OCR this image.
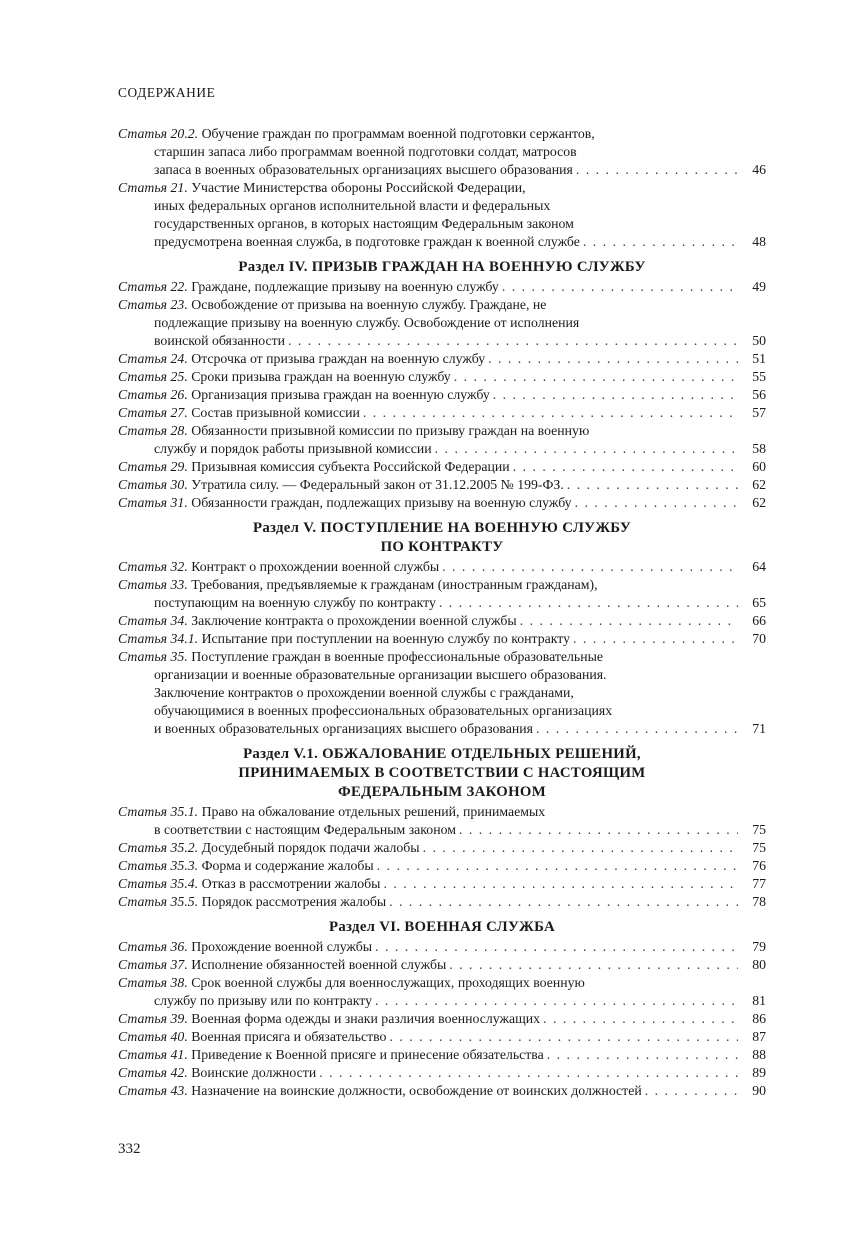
СОДЕРЖАНИЕ
Статья 20.2.
Обучение граждан по программам военной подготовки сержантов,
старшин запаса либо программам военной подготовки солдат, матросов
запаса в военных образовательных организациях высшего образования . . .	46
Статья 21.
Участие Министерства обороны Российской Федерации,
иных федеральных органов исполнительной власти и федеральных
государственных органов, в которых настоящим Федеральным законом
предусмотрена военная служба, в подготовке граждан к военной службе . . .	48
Раздел IV. ПРИЗЫВ ГРАЖДАН НА ВОЕННУЮ СЛУЖБУ
Статья 22.
Граждане, подлежащие призыву на военную службу . . .	49
Статья 23.
Освобождение от призыва на военную службу. Граждане, не
подлежащие призыву на военную службу. Освобождение от исполнения
воинской обязанности . . .	50
Статья 24.
Отсрочка от призыва граждан на военную службу . . .	51
Статья 25.
Сроки призыва граждан на военную службу . . .	55
Статья 26.
Организация призыва граждан на военную службу . . .	56
Статья 27.
Состав призывной комиссии . . .	57
Статья 28.
Обязанности призывной комиссии по призыву граждан на военную
службу и порядок работы призывной комиссии . . .	58
Статья 29.
Призывная комиссия субъекта Российской Федерации . . .	60
Статья 30.
Утратила силу. — Федеральный закон от 31.12.2005 № 199-ФЗ. . . .	62
Статья 31.
Обязанности граждан, подлежащих призыву на военную службу . . .	62
Раздел V. ПОСТУПЛЕНИЕ НА ВОЕННУЮ СЛУЖБУ
ПО КОНТРАКТУ
Статья 32.
Контракт о прохождении военной службы . . .	64
Статья 33.
Требования, предъявляемые к гражданам (иностранным гражданам),
поступающим на военную службу по контракту . . .	65
Статья 34.
Заключение контракта о прохождении военной службы . . .	66
Статья 34.1.
Испытание при поступлении на военную службу по контракту . . .	70
Статья 35.
Поступление граждан в военные профессиональные образовательные
организации и военные образовательные организации высшего образования.
Заключение контрактов о прохождении военной службы с гражданами,
обучающимися в военных профессиональных образовательных организациях
и военных образовательных организациях высшего образования . . .	71
Раздел V.1. ОБЖАЛОВАНИЕ ОТДЕЛЬНЫХ РЕШЕНИЙ,
ПРИНИМАЕМЫХ В СООТВЕТСТВИИ С НАСТОЯЩИМ
ФЕДЕРАЛЬНЫМ ЗАКОНОМ
Статья 35.1.
Право на обжалование отдельных решений, принимаемых
в соответствии с настоящим Федеральным законом . . .	75
Статья 35.2.
Досудебный порядок подачи жалобы . . .	75
Статья 35.3.
Форма и содержание жалобы . . .	76
Статья 35.4.
Отказ в рассмотрении жалобы . . .	77
Статья 35.5.
Порядок рассмотрения жалобы . . .	78
Раздел VI. ВОЕННАЯ СЛУЖБА
Статья 36.
Прохождение военной службы . . .	79
Статья 37.
Исполнение обязанностей военной службы . . .	80
Статья 38.
Срок военной службы для военнослужащих, проходящих военную
службу по призыву или по контракту . . .	81
Статья 39.
Военная форма одежды и знаки различия военнослужащих . . .	86
Статья 40.
Военная присяга и обязательство . . .	87
Статья 41.
Приведение к Военной присяге и принесение обязательства . . .	88
Статья 42.
Воинские должности . . .	89
Статья 43.
Назначение на воинские должности, освобождение от воинских должностей . . .	90
332
